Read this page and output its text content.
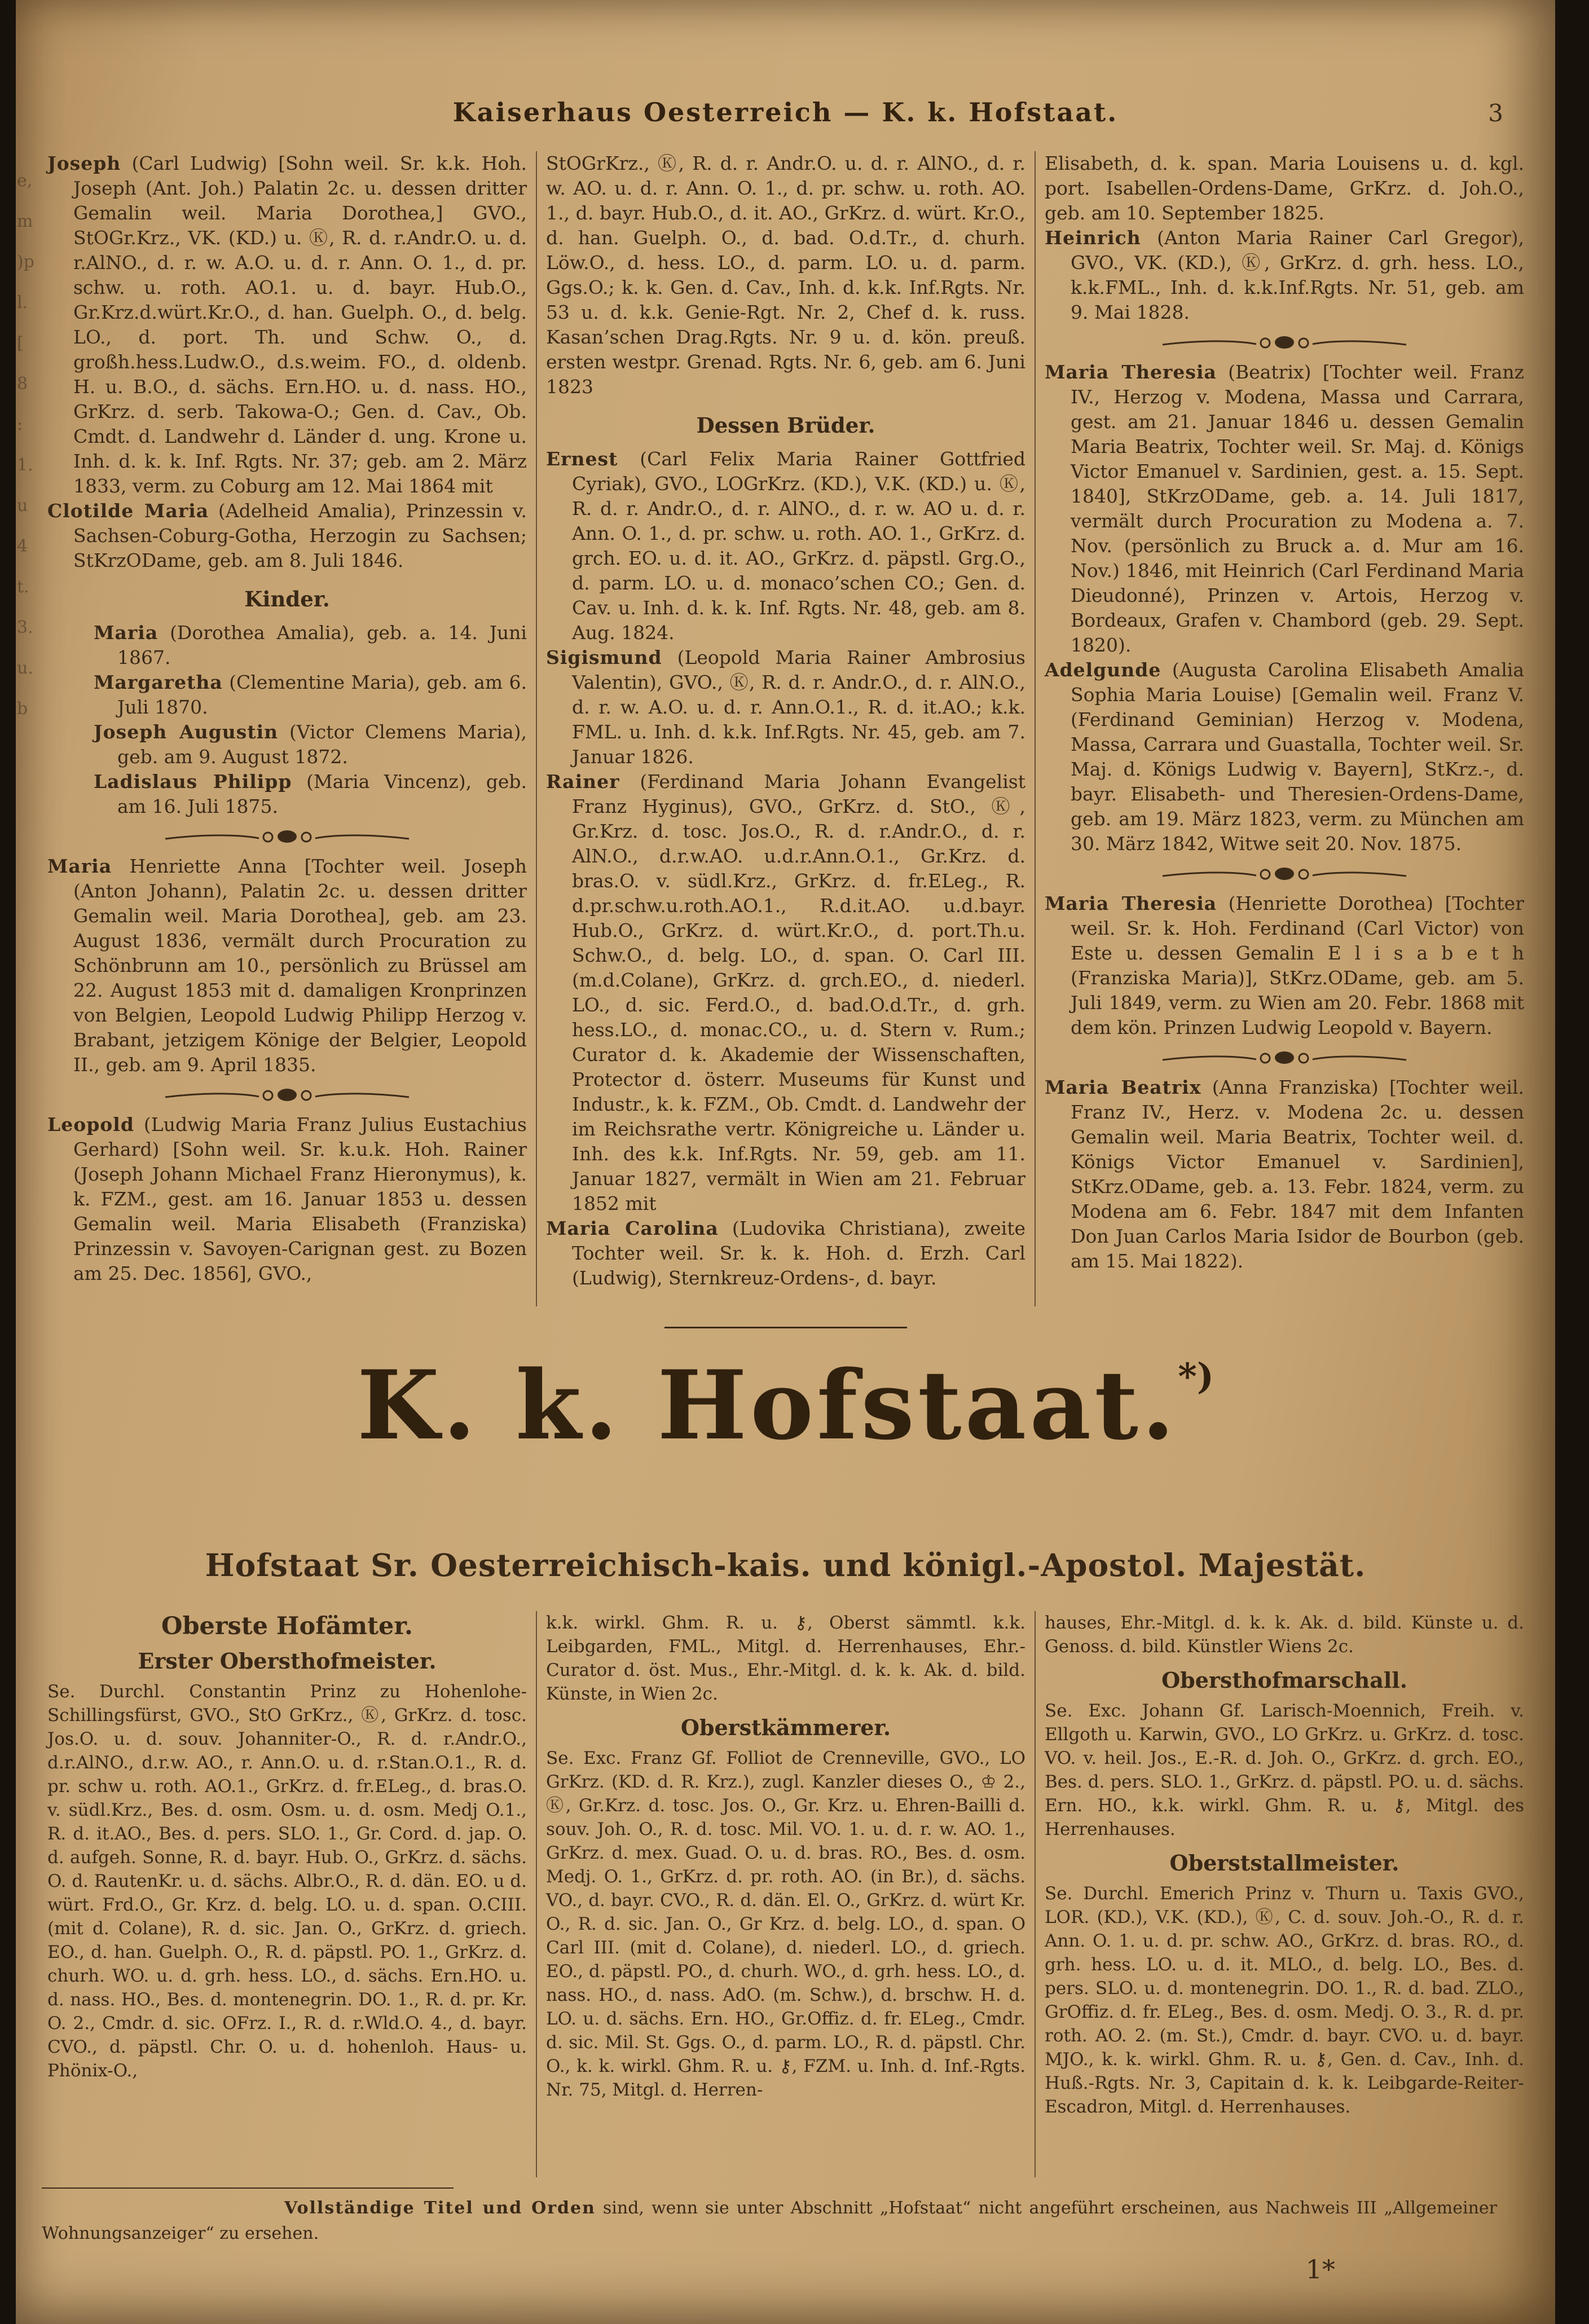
e,
m
)p
l.
[
8
:
1.
u
4
t.
3.
u.
b
Kaiserhaus Oesterreich — K. k. Hofstaat.	3

Joseph (Carl Ludwig) [Sohn weil. Sr. k.k. Hoh. Joseph (Ant. Joh.) Palatin 2c. u. dessen dritter Gemalin weil. Maria Dorothea,] GVO., StOGr.Krz., VK. (KD.) u. Ⓚ, R. d. r.Andr.O. u. d. r.AlNO., d. r. w. A.O. u. d. r. Ann. O. 1., d. pr. schw. u. roth. AO.1. u. d. bayr. Hub.O., Gr.Krz.d.würt.Kr.O., d. han. Guelph. O., d. belg. LO., d. port. Th. und Schw. O., d. großh.hess.Ludw.O., d.s.weim. FO., d. oldenb. H. u. B.O., d. sächs. Ern.HO. u. d. nass. HO., GrKrz. d. serb. Takowa-O.; Gen. d. Cav., Ob. Cmdt. d. Landwehr d. Länder d. ung. Krone u. Inh. d. k. k. Inf. Rgts. Nr. 37; geb. am 2. März 1833, verm. zu Coburg am 12. Mai 1864 mit

Clotilde Maria (Adelheid Amalia), Prinzessin v. Sachsen-Coburg-Gotha, Herzogin zu Sachsen; StKrzODame, geb. am 8. Juli 1846.

Kinder.

Maria (Dorothea Amalia), geb. a. 14. Juni 1867.

Margaretha (Clementine Maria), geb. am 6. Juli 1870.

Joseph Augustin (Victor Clemens Maria), geb. am 9. August 1872.

Ladislaus Philipp (Maria Vincenz), geb. am 16. Juli 1875.

Maria Henriette Anna [Tochter weil. Joseph (Anton Johann), Palatin 2c. u. dessen dritter Gemalin weil. Maria Dorothea], geb. am 23. August 1836, vermält durch Procuration zu Schönbrunn am 10., persönlich zu Brüssel am 22. August 1853 mit d. damaligen Kronprinzen von Belgien, Leopold Ludwig Philipp Herzog v. Brabant, jetzigem Könige der Belgier, Leopold II., geb. am 9. April 1835.

Leopold (Ludwig Maria Franz Julius Eustachius Gerhard) [Sohn weil. Sr. k.u.k. Hoh. Rainer (Joseph Johann Michael Franz Hieronymus), k. k. FZM., gest. am 16. Januar 1853 u. dessen Gemalin weil. Maria Elisabeth (Franziska) Prinzessin v. Savoyen-Carignan gest. zu Bozen am 25. Dec. 1856], GVO.,

StOGrKrz., Ⓚ, R. d. r. Andr.O. u. d. r. AlNO., d. r. w. AO. u. d. r. Ann. O. 1., d. pr. schw. u. roth. AO. 1., d. bayr. Hub.O., d. it. AO., GrKrz. d. würt. Kr.O., d. han. Guelph. O., d. bad. O.d.Tr., d. churh. Löw.O., d. hess. LO., d. parm. LO. u. d. parm. Ggs.O.; k. k. Gen. d. Cav., Inh. d. k.k. Inf.Rgts. Nr. 53 u. d. k.k. Genie-Rgt. Nr. 2, Chef d. k. russ. Kasan’schen Drag.Rgts. Nr. 9 u. d. kön. preuß. ersten westpr. Grenad. Rgts. Nr. 6, geb. am 6. Juni 1823

Dessen Brüder.

Ernest (Carl Felix Maria Rainer Gottfried Cyriak), GVO., LOGrKrz. (KD.), V.K. (KD.) u. Ⓚ, R. d. r. Andr.O., d. r. AlNO., d. r. w. AO u. d. r. Ann. O. 1., d. pr. schw. u. roth. AO. 1., GrKrz. d. grch. EO. u. d. it. AO., GrKrz. d. päpstl. Grg.O., d. parm. LO. u. d. monaco’schen CO.; Gen. d. Cav. u. Inh. d. k. k. Inf. Rgts. Nr. 48, geb. am 8. Aug. 1824.

Sigismund (Leopold Maria Rainer Ambrosius Valentin), GVO., Ⓚ, R. d. r. Andr.O., d. r. AlN.O., d. r. w. A.O. u. d. r. Ann.O.1., R. d. it.AO.; k.k. FML. u. Inh. d. k.k. Inf.Rgts. Nr. 45, geb. am 7. Januar 1826.

Rainer (Ferdinand Maria Johann Evangelist Franz Hyginus), GVO., GrKrz. d. StO., Ⓚ, Gr.Krz. d. tosc. Jos.O., R. d. r.Andr.O., d. r. AlN.O., d.r.w.AO. u.d.r.Ann.O.1., Gr.Krz. d. bras.O. v. südl.Krz., GrKrz. d. fr.ELeg., R. d.pr.schw.u.roth.AO.1., R.d.it.AO. u.d.bayr. Hub.O., GrKrz. d. würt.Kr.O., d. port.Th.u. Schw.O., d. belg. LO., d. span. O. Carl III. (m.d.Colane), GrKrz. d. grch.EO., d. niederl. LO., d. sic. Ferd.O., d. bad.O.d.Tr., d. grh. hess.LO., d. monac.CO., u. d. Stern v. Rum.; Curator d. k. Akademie der Wissenschaften, Protector d. österr. Museums für Kunst und Industr., k. k. FZM., Ob. Cmdt. d. Landwehr der im Reichsrathe vertr. Königreiche u. Länder u. Inh. des k.k. Inf.Rgts. Nr. 59, geb. am 11. Januar 1827, vermält in Wien am 21. Februar 1852 mit

Maria Carolina (Ludovika Christiana), zweite Tochter weil. Sr. k. k. Hoh. d. Erzh. Carl (Ludwig), Sternkreuz-Ordens-, d. bayr.

Elisabeth, d. k. span. Maria Louisens u. d. kgl. port. Isabellen-Ordens-Dame, GrKrz. d. Joh.O., geb. am 10. September 1825.

Heinrich (Anton Maria Rainer Carl Gregor), GVO., VK. (KD.), Ⓚ, GrKrz. d. grh. hess. LO., k.k.FML., Inh. d. k.k.Inf.Rgts. Nr. 51, geb. am 9. Mai 1828.

Maria Theresia (Beatrix) [Tochter weil. Franz IV., Herzog v. Modena, Massa und Carrara, gest. am 21. Januar 1846 u. dessen Gemalin Maria Beatrix, Tochter weil. Sr. Maj. d. Königs Victor Emanuel v. Sardinien, gest. a. 15. Sept. 1840], StKrzODame, geb. a. 14. Juli 1817, vermält durch Procuration zu Modena a. 7. Nov. (persönlich zu Bruck a. d. Mur am 16. Nov.) 1846, mit Heinrich (Carl Ferdinand Maria Dieudonné), Prinzen v. Artois, Herzog v. Bordeaux, Grafen v. Chambord (geb. 29. Sept. 1820).

Adelgunde (Augusta Carolina Elisabeth Amalia Sophia Maria Louise) [Gemalin weil. Franz V. (Ferdinand Geminian) Herzog v. Modena, Massa, Carrara und Guastalla, Tochter weil. Sr. Maj. d. Königs Ludwig v. Bayern], StKrz.-, d. bayr. Elisabeth- und Theresien-Ordens-Dame, geb. am 19. März 1823, verm. zu München am 30. März 1842, Witwe seit 20. Nov. 1875.

Maria Theresia (Henriette Dorothea) [Tochter weil. Sr. k. Hoh. Ferdinand (Carl Victor) von Este u. dessen Gemalin E l i s a b e t h (Franziska Maria)], StKrz.ODame, geb. am 5. Juli 1849, verm. zu Wien am 20. Febr. 1868 mit dem kön. Prinzen Ludwig Leopold v. Bayern.

Maria Beatrix (Anna Franziska) [Tochter weil. Franz IV., Herz. v. Modena 2c. u. dessen Gemalin weil. Maria Beatrix, Tochter weil. d. Königs Victor Emanuel v. Sardinien], StKrz.ODame, geb. a. 13. Febr. 1824, verm. zu Modena am 6. Febr. 1847 mit dem Infanten Don Juan Carlos Maria Isidor de Bourbon (geb. am 15. Mai 1822).

K. k. Hofstaat.*)
Hofstaat Sr. Oesterreichisch-kais. und königl.-Apostol. Majestät.
Oberste Hofämter.
Erster Obersthofmeister.

Se. Durchl. Constantin Prinz zu Hohenlohe-Schillingsfürst, GVO., StO GrKrz., Ⓚ, GrKrz. d. tosc. Jos.O. u. d. souv. Johanniter-O., R. d. r.Andr.O., d.r.AlNO., d.r.w. AO., r. Ann.O. u. d. r.Stan.O.1., R. d. pr. schw u. roth. AO.1., GrKrz. d. fr.ELeg., d. bras.O. v. südl.Krz., Bes. d. osm. Osm. u. d. osm. Medj O.1., R. d. it.AO., Bes. d. pers. SLO. 1., Gr. Cord. d. jap. O. d. aufgeh. Sonne, R. d. bayr. Hub. O., GrKrz. d. sächs. O. d. RautenKr. u. d. sächs. Albr.O., R. d. dän. EO. u d. würt. Frd.O., Gr. Krz. d. belg. LO. u. d. span. O.CIII. (mit d. Colane), R. d. sic. Jan. O., GrKrz. d. griech. EO., d. han. Guelph. O., R. d. päpstl. PO. 1., GrKrz. d. churh. WO. u. d. grh. hess. LO., d. sächs. Ern.HO. u. d. nass. HO., Bes. d. montenegrin. DO. 1., R. d. pr. Kr. O. 2., Cmdr. d. sic. OFrz. I., R. d. r.Wld.O. 4., d. bayr. CVO., d. päpstl. Chr. O. u. d. hohenloh. Haus- u. Phönix-O.,

k.k. wirkl. Ghm. R. u. ⚷, Oberst sämmtl. k.k. Leibgarden, FML., Mitgl. d. Herrenhauses, Ehr.-Curator d. öst. Mus., Ehr.-Mitgl. d. k. k. Ak. d. bild. Künste, in Wien 2c.

Oberstkämmerer.

Se. Exc. Franz Gf. Folliot de Crenneville, GVO., LO GrKrz. (KD. d. R. Krz.), zugl. Kanzler dieses O., ♔ 2., Ⓚ, Gr.Krz. d. tosc. Jos. O., Gr. Krz. u. Ehren-Bailli d. souv. Joh. O., R. d. tosc. Mil. VO. 1. u. d. r. w. AO. 1., GrKrz. d. mex. Guad. O. u. d. bras. RO., Bes. d. osm. Medj. O. 1., GrKrz. d. pr. roth. AO. (in Br.), d. sächs. VO., d. bayr. CVO., R. d. dän. El. O., GrKrz. d. würt Kr. O., R. d. sic. Jan. O., Gr Krz. d. belg. LO., d. span. O Carl III. (mit d. Colane), d. niederl. LO., d. griech. EO., d. päpstl. PO., d. churh. WO., d. grh. hess. LO., d. nass. HO., d. nass. AdO. (m. Schw.), d. brschw. H. d. LO. u. d. sächs. Ern. HO., Gr.Offiz. d. fr. ELeg., Cmdr. d. sic. Mil. St. Ggs. O., d. parm. LO., R. d. päpstl. Chr. O., k. k. wirkl. Ghm. R. u. ⚷, FZM. u. Inh. d. Inf.-Rgts. Nr. 75, Mitgl. d. Herren-

hauses, Ehr.-Mitgl. d. k. k. Ak. d. bild. Künste u. d. Genoss. d. bild. Künstler Wiens 2c.

Obersthofmarschall.

Se. Exc. Johann Gf. Larisch-Moennich, Freih. v. Ellgoth u. Karwin, GVO., LO GrKrz. u. GrKrz. d. tosc. VO. v. heil. Jos., E.-R. d. Joh. O., GrKrz. d. grch. EO., Bes. d. pers. SLO. 1., GrKrz. d. päpstl. PO. u. d. sächs. Ern. HO., k.k. wirkl. Ghm. R. u. ⚷, Mitgl. des Herrenhauses.

Oberststallmeister.

Se. Durchl. Emerich Prinz v. Thurn u. Taxis GVO., LOR. (KD.), V.K. (KD.), Ⓚ, C. d. souv. Joh.-O., R. d. r. Ann. O. 1. u. d. pr. schw. AO., GrKrz. d. bras. RO., d. grh. hess. LO. u. d. it. MLO., d. belg. LO., Bes. d. pers. SLO. u. d. montenegrin. DO. 1., R. d. bad. ZLO., GrOffiz. d. fr. ELeg., Bes. d. osm. Medj. O. 3., R. d. pr. roth. AO. 2. (m. St.), Cmdr. d. bayr. CVO. u. d. bayr. MJO., k. k. wirkl. Ghm. R. u. ⚷, Gen. d. Cav., Inh. d. Huß.-Rgts. Nr. 3, Capitain d. k. k. Leibgarde-Reiter-Escadron, Mitgl. d. Herrenhauses.

Vollständige Titel und Orden sind, wenn sie unter Abschnitt „Hofstaat“ nicht angeführt erscheinen, aus Nachweis III „Allgemeiner Wohnungsanzeiger“ zu ersehen.

1*
